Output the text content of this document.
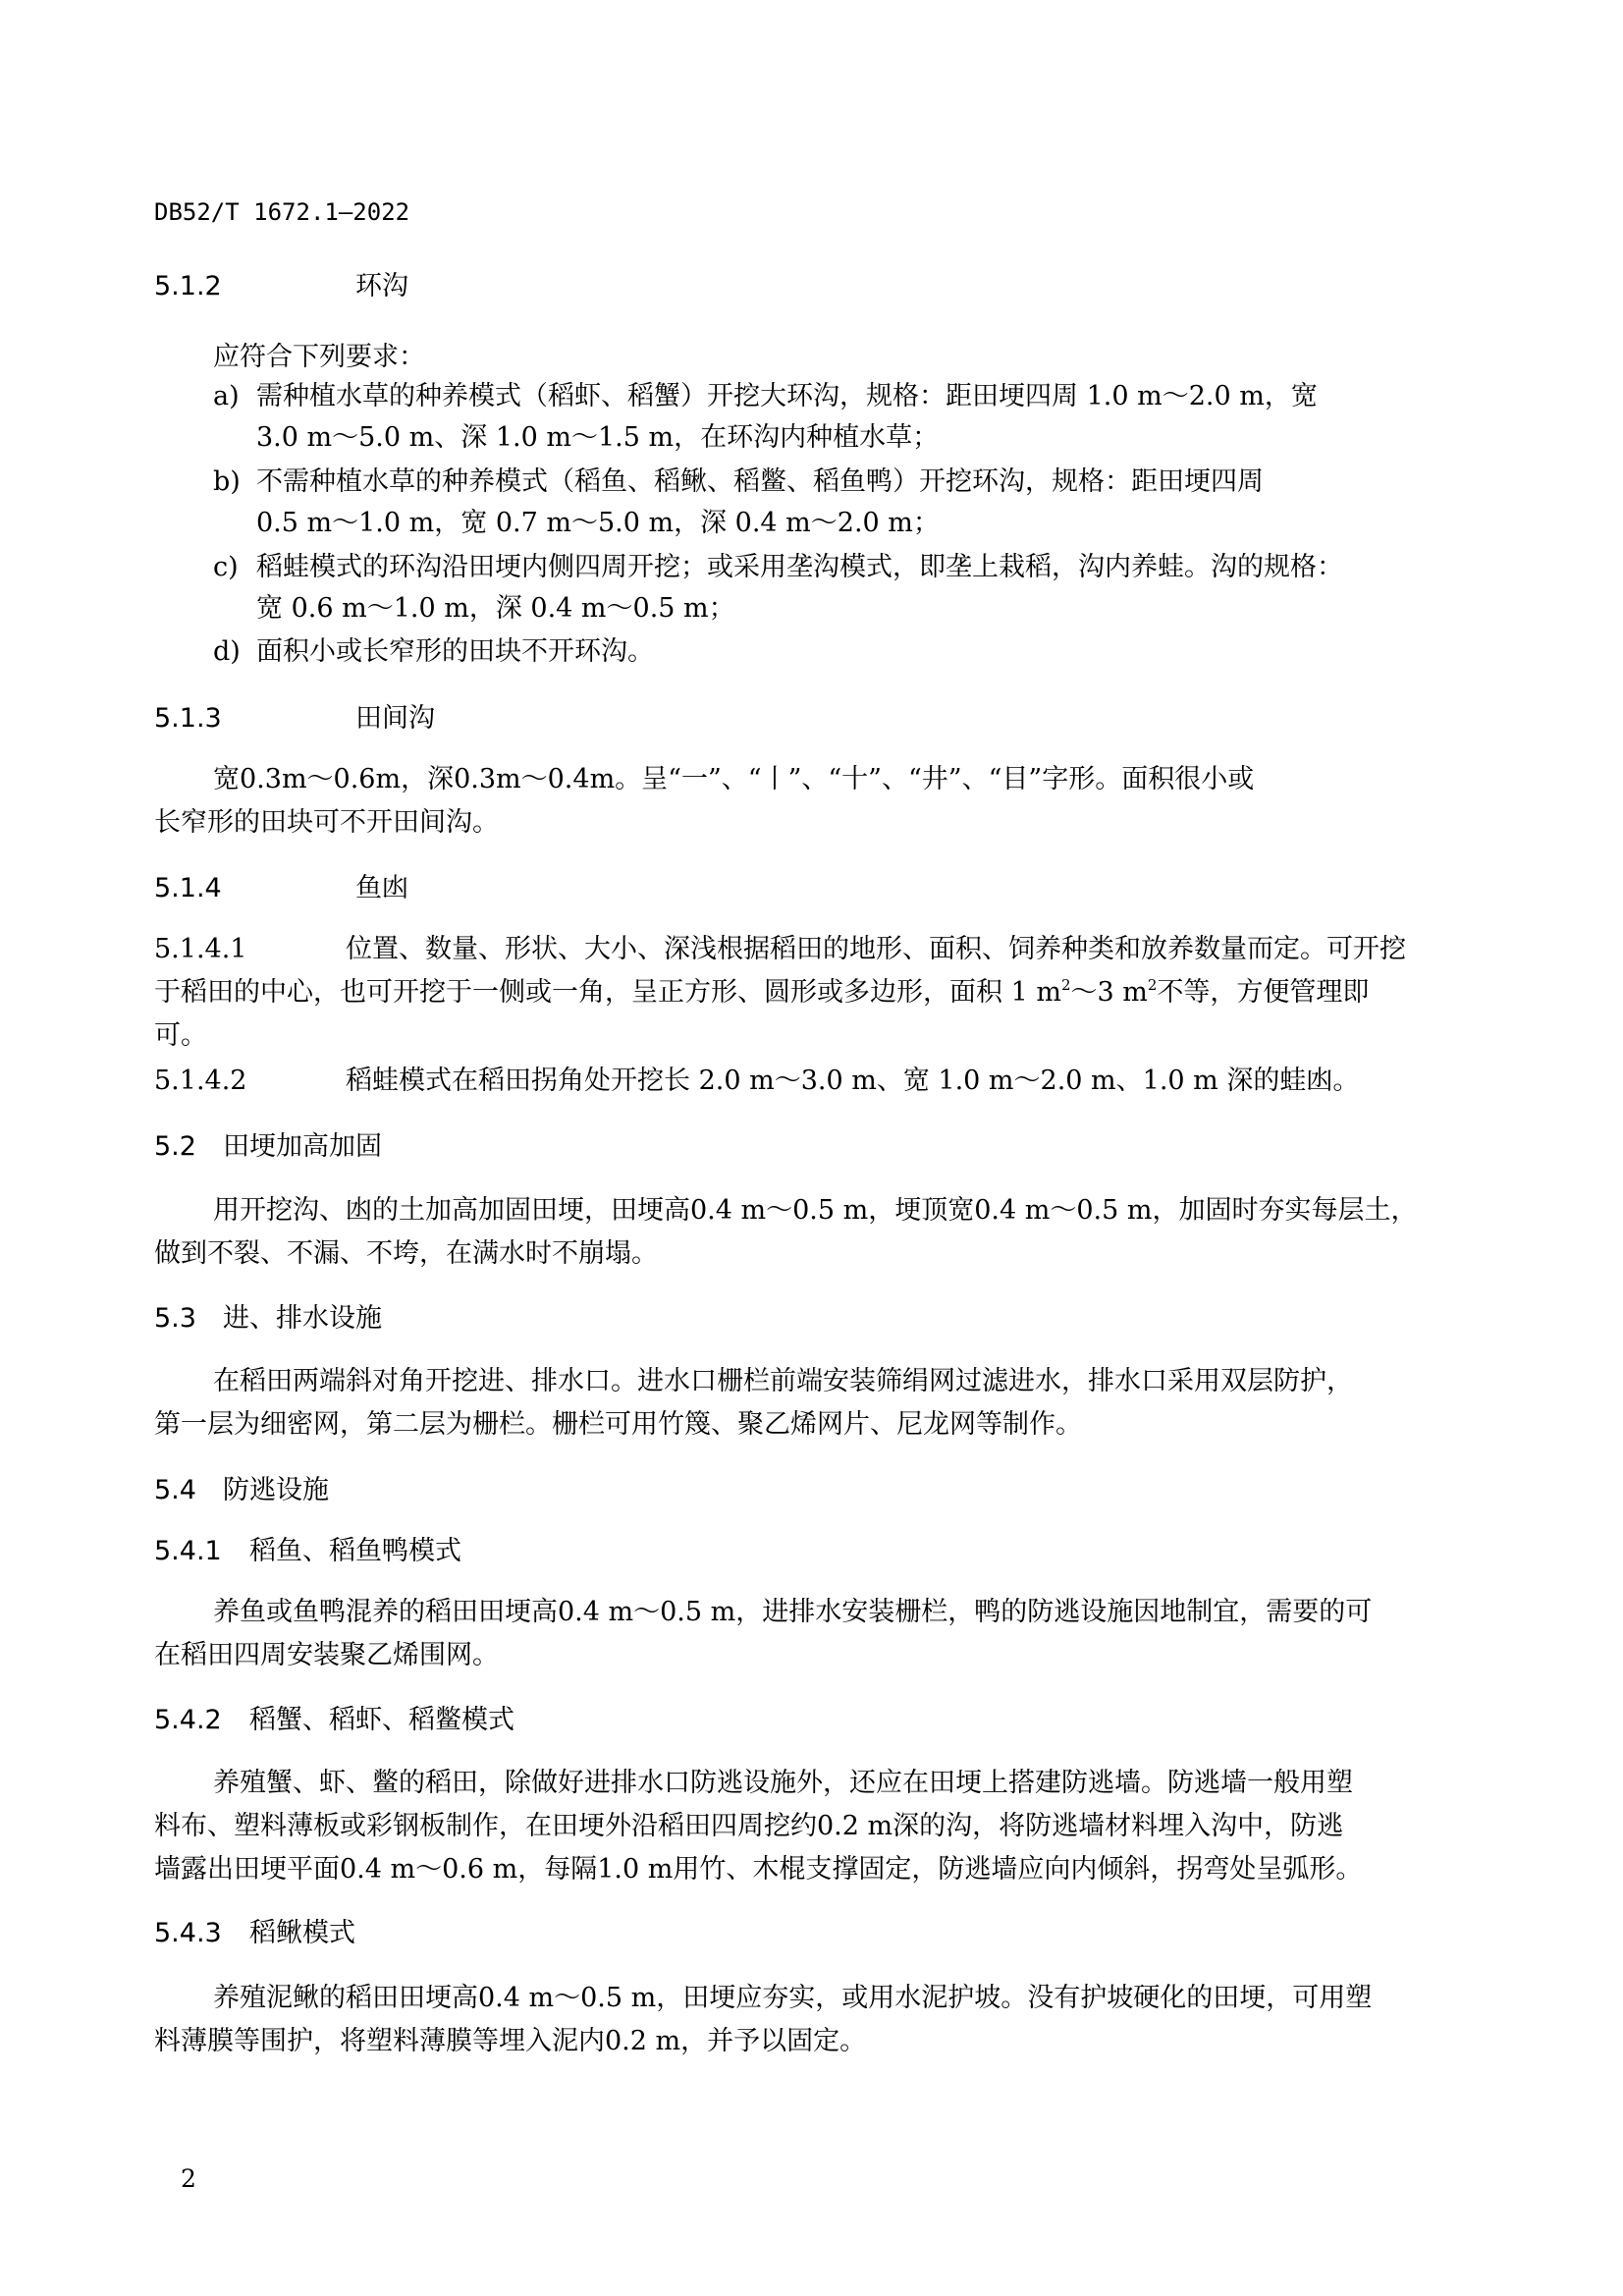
DB52/T 1672.1—2022
5.1.2	环沟
应符合下列要求：
a) 需种植水草的种养模式（稻虾、稻蟹）开挖大环沟，规格：距田埂四周 1.0 m～2.0 m，宽
3.0 m～5.0 m、深 1.0 m～1.5 m，在环沟内种植水草；
b) 不需种植水草的种养模式（稻鱼、稻鳅、稻鳖、稻鱼鸭）开挖环沟，规格：距田埂四周
0.5 m～1.0 m，宽 0.7 m～5.0 m，深 0.4 m～2.0 m；
c) 稻蛙模式的环沟沿田埂内侧四周开挖；或采用垄沟模式，即垄上栽稻，沟内养蛙。沟的规格：
宽 0.6 m～1.0 m，深 0.4 m～0.5 m；
d) 面积小或长窄形的田块不开环沟。
5.1.3	田间沟
宽0.3m～0.6m，深0.3m～0.4m。呈“一”、“丨”、“十”、“井”、“目”字形。面积很小或
长窄形的田块可不开田间沟。
5.1.4	鱼凼
5.1.4.1	位置、数量、形状、大小、深浅根据稻田的地形、面积、饲养种类和放养数量而定。可开挖
于稻田的中心，也可开挖于一侧或一角，呈正方形、圆形或多边形，面积 1 $m^2\sim 3$ $m^2$不等，方便管理即
可。
5.1.4.2	稻蛙模式在稻田拐角处开挖长 2.0 m～3.0 m、宽 1.0 m～2.0 m、1.0 m 深的蛙凼。
5.2 田埂加高加固
用开挖沟、凼的土加高加固田埂，田埂高0.4 m～0.5 m，埂顶宽0.4 m～0.5 m，加固时夯实每层土，
做到不裂、不漏、不垮，在满水时不崩塌。
5.3 进、排水设施
在稻田两端斜对角开挖进、排水口。进水口栅栏前端安装筛绢网过滤进水，排水口采用双层防护，
第一层为细密网，第二层为栅栏。栅栏可用竹篾、聚乙烯网片、尼龙网等制作。
5.4 防逃设施
5.4.1 稻鱼、稻鱼鸭模式
养鱼或鱼鸭混养的稻田田埂高0.4 m～0.5 m，进排水安装栅栏，鸭的防逃设施因地制宜，需要的可
在稻田四周安装聚乙烯围网。
5.4.2 稻蟹、稻虾、稻鳖模式
养殖蟹、虾、鳖的稻田，除做好进排水口防逃设施外，还应在田埂上搭建防逃墙。防逃墙一般用塑
料布、塑料薄板或彩钢板制作，在田埂外沿稻田四周挖约0.2 m深的沟，将防逃墙材料埋入沟中，防逃
墙露出田埂平面0.4 m～0.6 m，每隔1.0 m用竹、木棍支撑固定，防逃墙应向内倾斜，拐弯处呈弧形。
5.4.3 稻鳅模式
养殖泥鳅的稻田田埂高0.4 m～0.5 m，田埂应夯实，或用水泥护坡。没有护坡硬化的田埂，可用塑
料薄膜等围护，将塑料薄膜等埋入泥内0.2 m，并予以固定。
2
